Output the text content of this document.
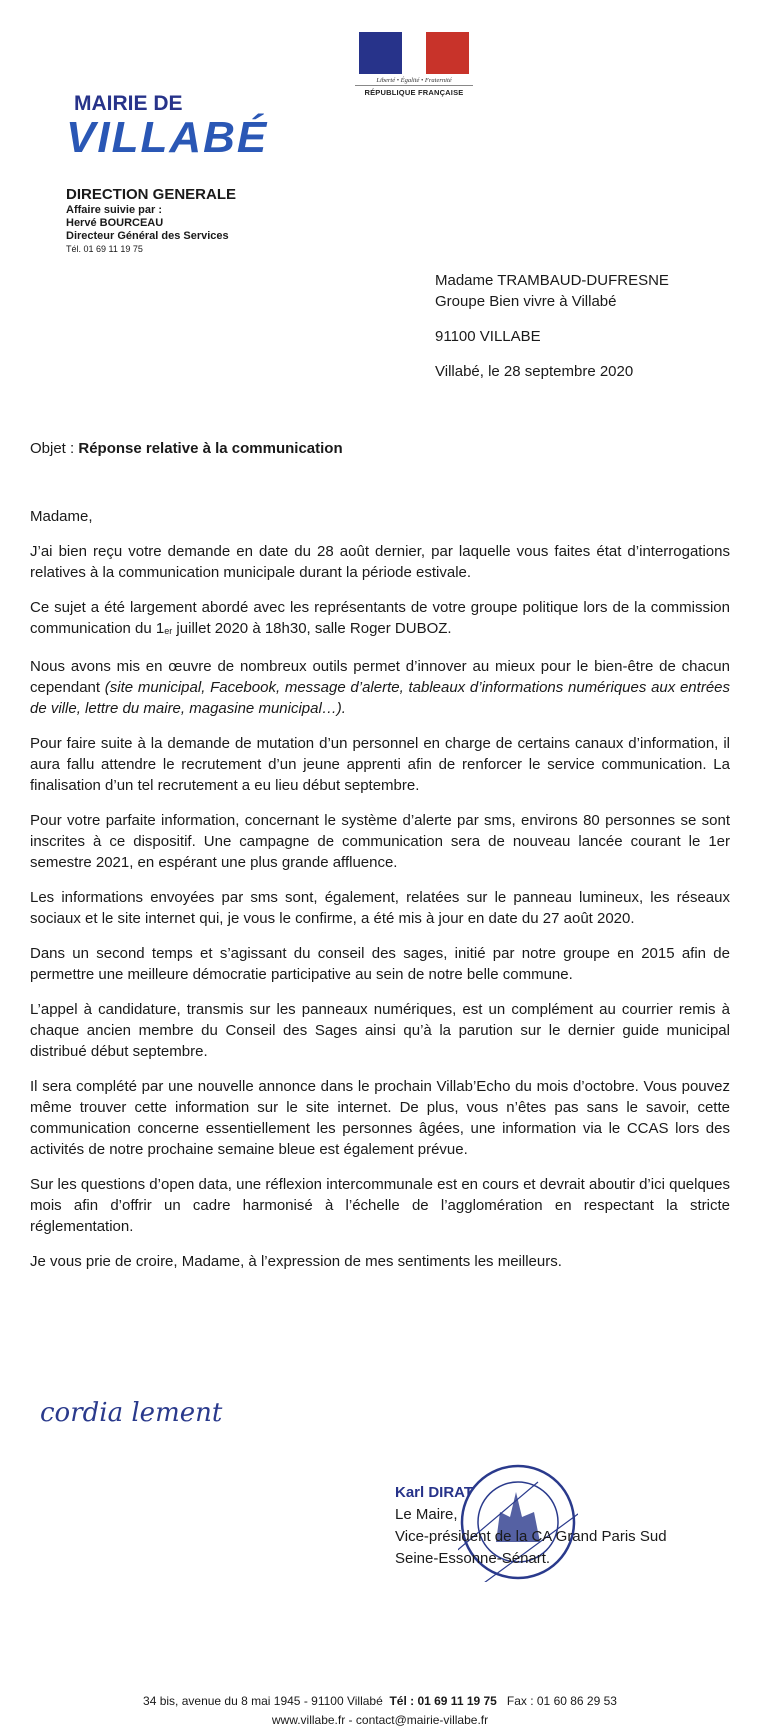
Liberté • Égalité • Fraternité
RÉPUBLIQUE FRANÇAISE
MAIRIE DE
VILLABÉ
DIRECTION GENERALE
Affaire suivie par :
Hervé BOURCEAU
Directeur Général des Services
Tél. 01 69 11 19 75

Madame TRAMBAUD-DUFRESNE

Groupe Bien vivre à Villabé

91100 VILLABE

Villabé, le 28 septembre 2020

Objet : Réponse relative à la communication

Madame,

J’ai bien reçu votre demande en date du 28 août dernier, par laquelle vous faites état d’interrogations relatives à la communication municipale durant la période estivale.

Ce sujet a été largement abordé avec les représentants de votre groupe politique lors de la commission communication du $1_{er}$ juillet 2020 à 18h30, salle Roger DUBOZ.

Nous avons mis en œuvre de nombreux outils permet d’innover au mieux pour le bien-être de chacun cependant (site municipal, Facebook, message d’alerte, tableaux d’informations numériques aux entrées de ville, lettre du maire, magasine municipal…).

Pour faire suite à la demande de mutation d’un personnel en charge de certains canaux d’information, il aura fallu attendre le recrutement d’un jeune apprenti afin de renforcer le service communication. La finalisation d’un tel recrutement a eu lieu début septembre.

Pour votre parfaite information, concernant le système d’alerte par sms, environs 80 personnes se sont inscrites à ce dispositif. Une campagne de communication sera de nouveau lancée courant le 1er semestre 2021, en espérant une plus grande affluence.

Les informations envoyées par sms sont, également, relatées sur le panneau lumineux, les réseaux sociaux et le site internet qui, je vous le confirme, a été mis à jour en date du 27 août 2020.

Dans un second temps et s’agissant du conseil des sages, initié par notre groupe en 2015 afin de permettre une meilleure démocratie participative au sein de notre belle commune.

L’appel à candidature, transmis sur les panneaux numériques, est un complément au courrier remis à chaque ancien membre du Conseil des Sages ainsi qu’à la parution sur le dernier guide municipal distribué début septembre.

Il sera complété par une nouvelle annonce dans le prochain Villab’Echo du mois d’octobre. Vous pouvez même trouver cette information sur le site internet. De plus, vous n’êtes pas sans le savoir, cette communication concerne essentiellement les personnes âgées, une information via le CCAS lors des activités de notre prochaine semaine bleue est également prévue.

Sur les questions d’open data, une réflexion intercommunale est en cours et devrait aboutir d’ici quelques mois afin d’offrir un cadre harmonisé à l’échelle de l’agglomération en respectant la stricte réglementation.

Je vous prie de croire, Madame, à l’expression de mes sentiments les meilleurs.

cordia lement
Karl DIRAT
Le Maire,
Vice-président de la CA Grand Paris Sud
Seine-Essonne-Sénart.
34 bis, avenue du 8 mai 1945 - 91100 Villabé Tél : 01 69 11 19 75 Fax : 01 60 86 29 53
www.villabe.fr - contact@mairie-villabe.fr
